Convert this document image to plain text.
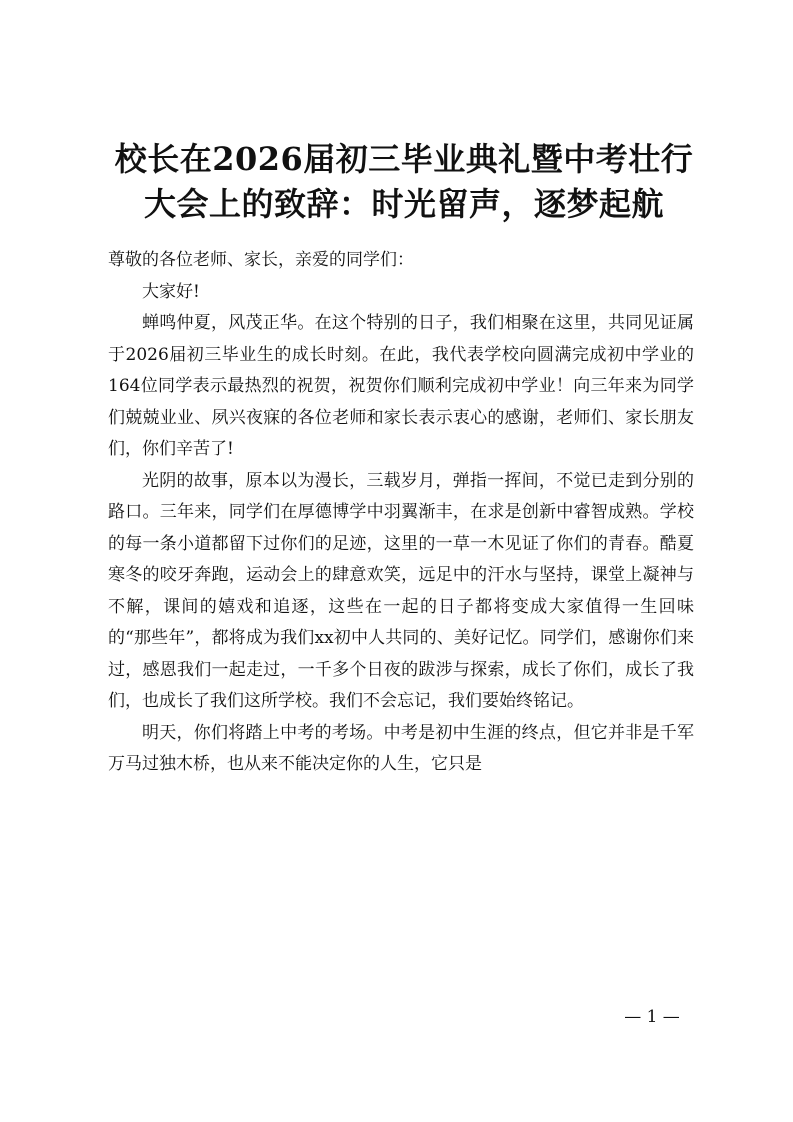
校长在2026届初三毕业典礼暨中考壮行大会上的致辞：时光留声，逐梦起航

尊敬的各位老师、家长，亲爱的同学们：

大家好!

蝉鸣仲夏，风茂正华。在这个特别的日子，我们相聚在这里，共同见证属于2026届初三毕业生的成长时刻。在此，我代表学校向圆满完成初中学业的164位同学表示最热烈的祝贺，祝贺你们顺利完成初中学业！向三年来为同学们兢兢业业、夙兴夜寐的各位老师和家长表示衷心的感谢，老师们、家长朋友们，你们辛苦了!

光阴的故事，原本以为漫长，三载岁月，弹指一挥间，不觉已走到分别的路口。三年来，同学们在厚德博学中羽翼渐丰，在求是创新中睿智成熟。学校的每一条小道都留下过你们的足迹，这里的一草一木见证了你们的青春。酷夏寒冬的咬牙奔跑，运动会上的肆意欢笑，远足中的汗水与坚持，课堂上凝神与不解，课间的嬉戏和追逐，这些在一起的日子都将变成大家值得一生回味的“那些年”，都将成为我们xx初中人共同的、美好记忆。同学们，感谢你们来过，感恩我们一起走过，一千多个日夜的跋涉与探索，成长了你们，成长了我们，也成长了我们这所学校。我们不会忘记，我们要始终铭记。

明天，你们将踏上中考的考场。中考是初中生涯的终点，但它并非是千军万马过独木桥，也从来不能决定你的人生，它只是

— 1 —
